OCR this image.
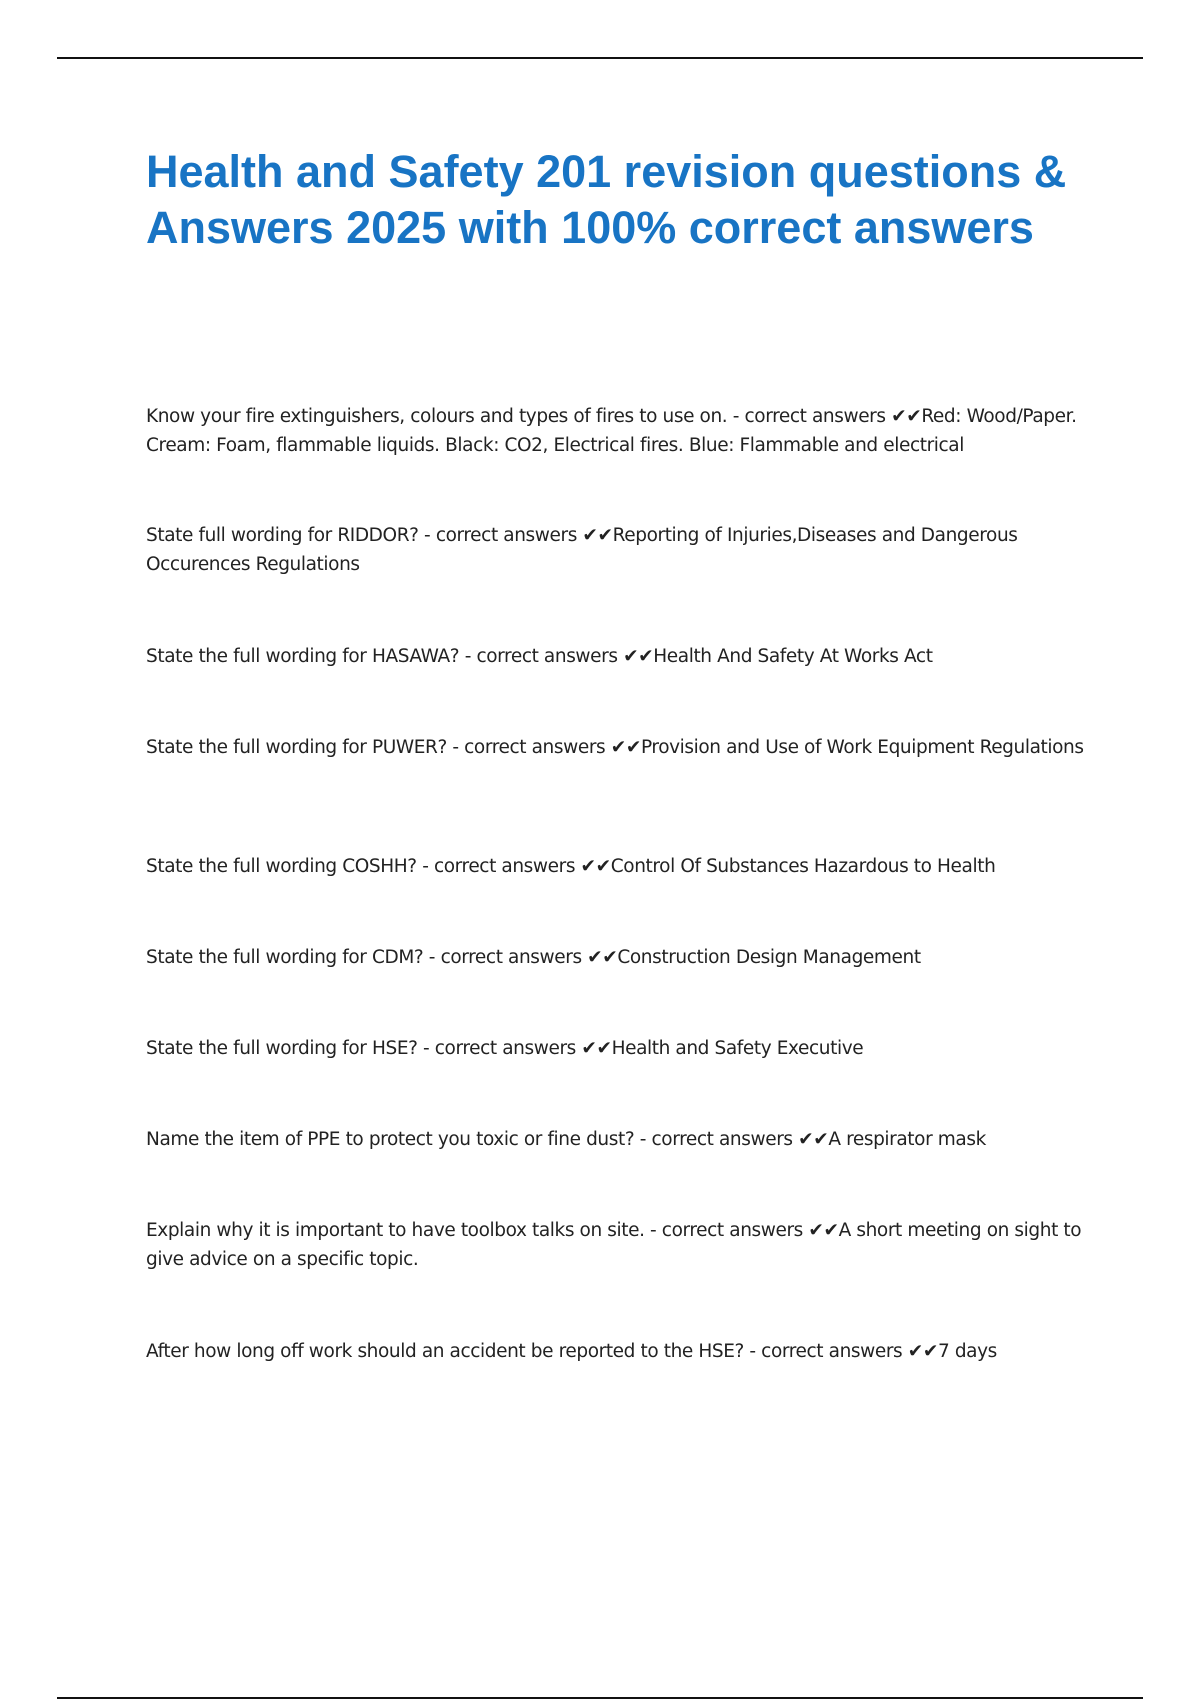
Health and Safety 201 revision questions & Answers 2025 with 100% correct answers
Know your fire extinguishers, colours and types of fires to use on. - correct answers ✔✔Red: Wood/Paper. Cream: Foam, flammable liquids. Black: CO2, Electrical fires. Blue: Flammable and electrical
State full wording for RIDDOR? - correct answers ✔✔Reporting of Injuries,Diseases and Dangerous Occurences Regulations
State the full wording for HASAWA? - correct answers ✔✔Health And Safety At Works Act
State the full wording for PUWER? - correct answers ✔✔Provision and Use of Work Equipment Regulations
State the full wording COSHH? - correct answers ✔✔Control Of Substances Hazardous to Health
State the full wording for CDM? - correct answers ✔✔Construction Design Management
State the full wording for HSE? - correct answers ✔✔Health and Safety Executive
Name the item of PPE to protect you toxic or fine dust? - correct answers ✔✔A respirator mask
Explain why it is important to have toolbox talks on site. - correct answers ✔✔A short meeting on sight to give advice on a specific topic.
After how long off work should an accident be reported to the HSE? - correct answers ✔✔7 days
